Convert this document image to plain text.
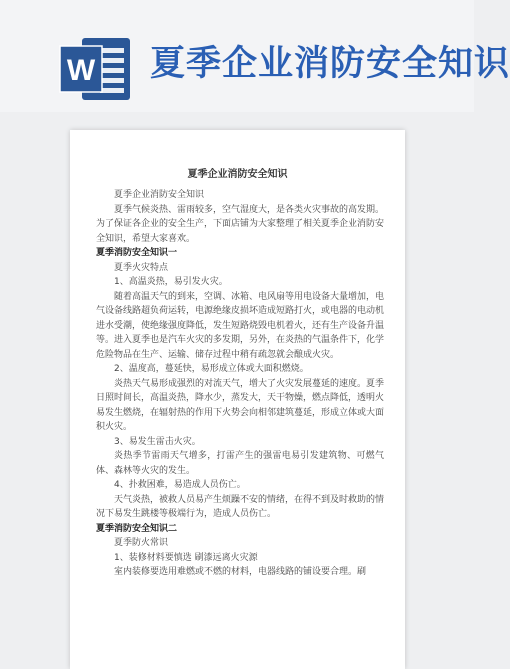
W 夏季企业消防安全知识
夏季企业消防安全知识

夏季企业消防安全知识

夏季气候炎热、雷雨较多，空气湿度大，是各类火灾事故的高发期。为了保证各企业的安全生产，下面店铺为大家整理了相关夏季企业消防安全知识，希望大家喜欢。

夏季消防安全知识一

夏季火灾特点

1、高温炎热，易引发火灾。

随着高温天气的到来，空调、冰箱、电风扇等用电设备大量增加，电气设备线路超负荷运转，电源绝缘皮损坏造成短路打火，或电器的电动机进水受潮，使绝缘强度降低，发生短路烧毁电机着火，还有生产设备升温等。进入夏季也是汽车火灾的多发期，另外，在炎热的气温条件下，化学危险物品在生产、运输、储存过程中稍有疏忽就会酿成火灾。

2、温度高，蔓延快，易形成立体或大面积燃烧。

炎热天气易形成强烈的对流天气，增大了火灾发展蔓延的速度。夏季日照时间长，高温炎热，降水少，蒸发大，天干物燥，燃点降低，透明火易发生燃烧，在辐射热的作用下火势会向相邻建筑蔓延，形成立体或大面积火灾。

3、易发生雷击火灾。

炎热季节雷雨天气增多，打雷产生的强雷电易引发建筑物、可燃气体、森林等火灾的发生。

4、扑救困难，易造成人员伤亡。

天气炎热，被救人员易产生烦躁不安的情绪，在得不到及时救助的情况下易发生跳楼等极端行为，造成人员伤亡。

夏季消防安全知识二

夏季防火常识

1、装修材料要慎选 刷漆远离火灾源

室内装修要选用难燃或不燃的材料，电器线路的铺设要合理。刷
